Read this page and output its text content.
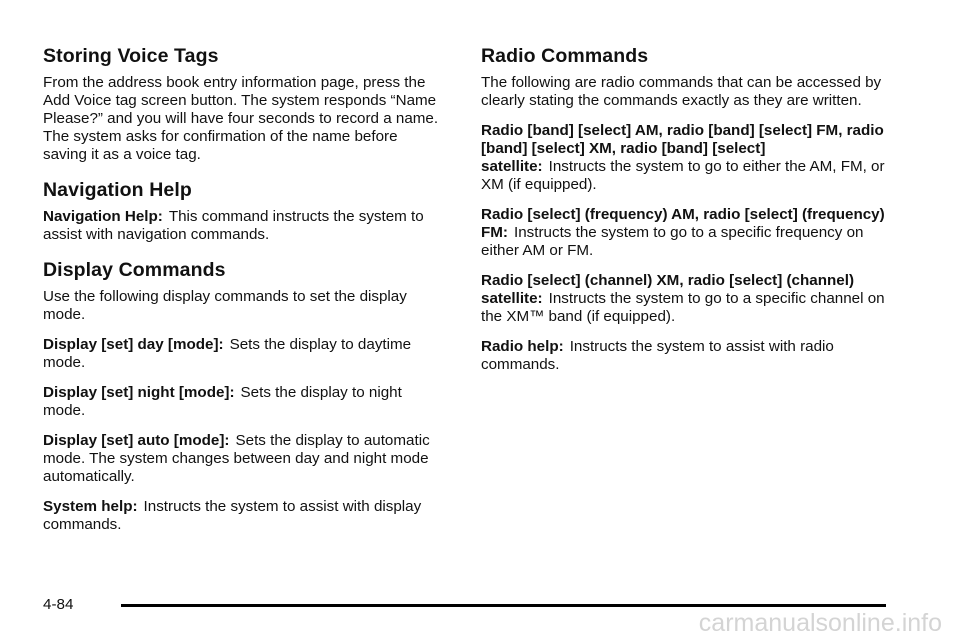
Storing Voice Tags

From the address book entry information page, press the Add Voice tag screen button. The system responds “Name Please?” and you will have four seconds to record a name. The system asks for confirmation of the name before saving it as a voice tag.

Navigation Help

Navigation Help: This command instructs the system to assist with navigation commands.

Display Commands

Use the following display commands to set the display mode.

Display [set] day [mode]: Sets the display to daytime mode.

Display [set] night [mode]: Sets the display to night mode.

Display [set] auto [mode]: Sets the display to automatic mode. The system changes between day and night mode automatically.

System help: Instructs the system to assist with display commands.

Radio Commands

The following are radio commands that can be accessed by clearly stating the commands exactly as they are written.

Radio [band] [select] AM, radio [band] [select] FM, radio [band] [select] XM, radio [band] [select] satellite: Instructs the system to go to either the AM, FM, or XM (if equipped).

Radio [select] (frequency) AM, radio [select] (frequency) FM: Instructs the system to go to a specific frequency on either AM or FM.

Radio [select] (channel) XM, radio [select] (channel) satellite: Instructs the system to go to a specific channel on the XM™ band (if equipped).

Radio help: Instructs the system to assist with radio commands.

4-84
carmanualsonline.info
